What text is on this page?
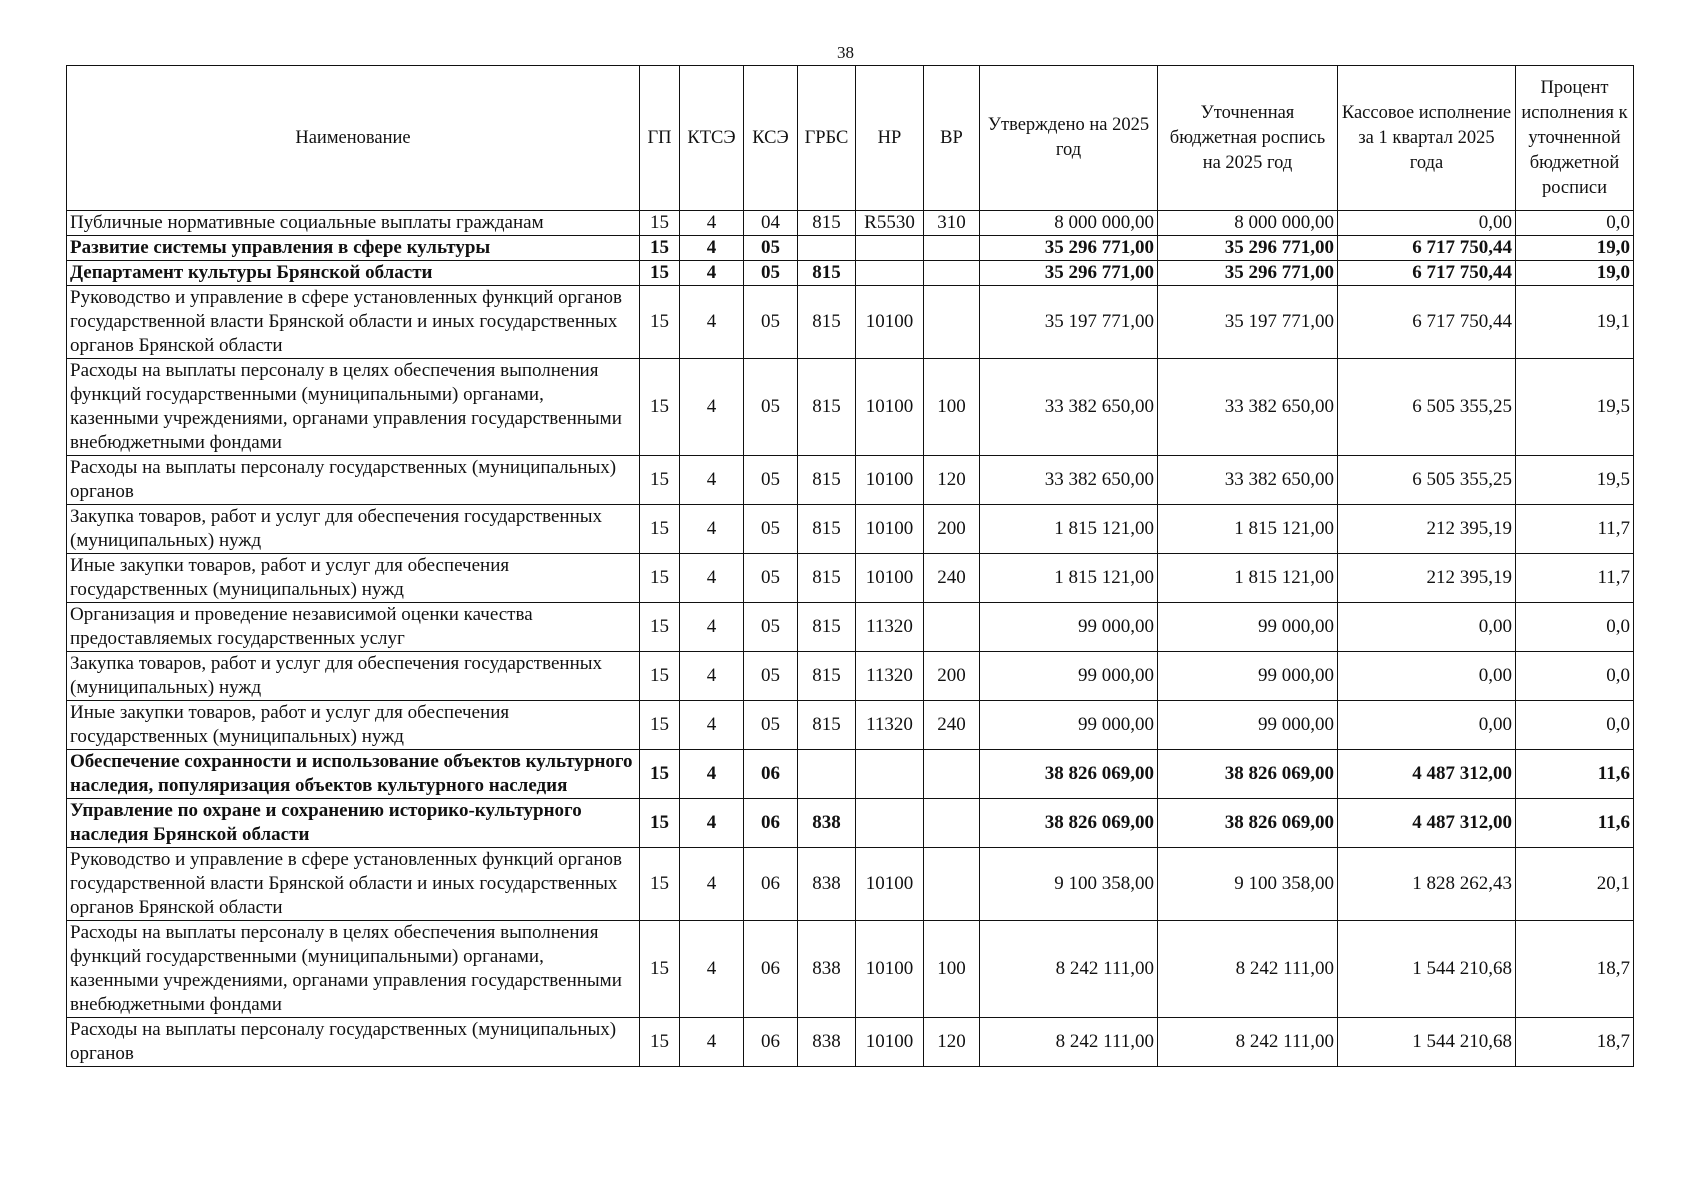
38
Наименование	ГП	КТСЭ	КСЭ	ГРБС	НР	ВР	Утверждено на 2025 год	Уточненная бюджетная роспись на 2025 год	Кассовое исполнение за 1 квартал 2025 года	Процент исполнения к уточненной бюджетной росписи
Публичные нормативные социальные выплаты гражданам	15	4	04	815	R5530	310	8 000 000,00	8 000 000,00	0,00	0,0
Развитие системы управления в сфере культуры	15	4	05				35 296 771,00	35 296 771,00	6 717 750,44	19,0
Департамент культуры Брянской области	15	4	05	815			35 296 771,00	35 296 771,00	6 717 750,44	19,0
Руководство и управление в сфере установленных функций органов государственной власти Брянской области и иных государственных органов Брянской области	15	4	05	815	10100		35 197 771,00	35 197 771,00	6 717 750,44	19,1
Расходы на выплаты персоналу в целях обеспечения выполнения функций государственными (муниципальными) органами, казенными учреждениями, органами управления государственными внебюджетными фондами	15	4	05	815	10100	100	33 382 650,00	33 382 650,00	6 505 355,25	19,5
Расходы на выплаты персоналу государственных (муниципальных) органов	15	4	05	815	10100	120	33 382 650,00	33 382 650,00	6 505 355,25	19,5
Закупка товаров, работ и услуг для обеспечения государственных (муниципальных) нужд	15	4	05	815	10100	200	1 815 121,00	1 815 121,00	212 395,19	11,7
Иные закупки товаров, работ и услуг для обеспечения государственных (муниципальных) нужд	15	4	05	815	10100	240	1 815 121,00	1 815 121,00	212 395,19	11,7
Организация и проведение независимой оценки качества предоставляемых государственных услуг	15	4	05	815	11320		99 000,00	99 000,00	0,00	0,0
Закупка товаров, работ и услуг для обеспечения государственных (муниципальных) нужд	15	4	05	815	11320	200	99 000,00	99 000,00	0,00	0,0
Иные закупки товаров, работ и услуг для обеспечения государственных (муниципальных) нужд	15	4	05	815	11320	240	99 000,00	99 000,00	0,00	0,0
Обеспечение сохранности и использование объектов культурного наследия, популяризация объектов культурного наследия	15	4	06				38 826 069,00	38 826 069,00	4 487 312,00	11,6
Управление по охране и сохранению историко-культурного наследия Брянской области	15	4	06	838			38 826 069,00	38 826 069,00	4 487 312,00	11,6
Руководство и управление в сфере установленных функций органов государственной власти Брянской области и иных государственных органов Брянской области	15	4	06	838	10100		9 100 358,00	9 100 358,00	1 828 262,43	20,1
Расходы на выплаты персоналу в целях обеспечения выполнения функций государственными (муниципальными) органами, казенными учреждениями, органами управления государственными внебюджетными фондами	15	4	06	838	10100	100	8 242 111,00	8 242 111,00	1 544 210,68	18,7
Расходы на выплаты персоналу государственных (муниципальных) органов	15	4	06	838	10100	120	8 242 111,00	8 242 111,00	1 544 210,68	18,7
